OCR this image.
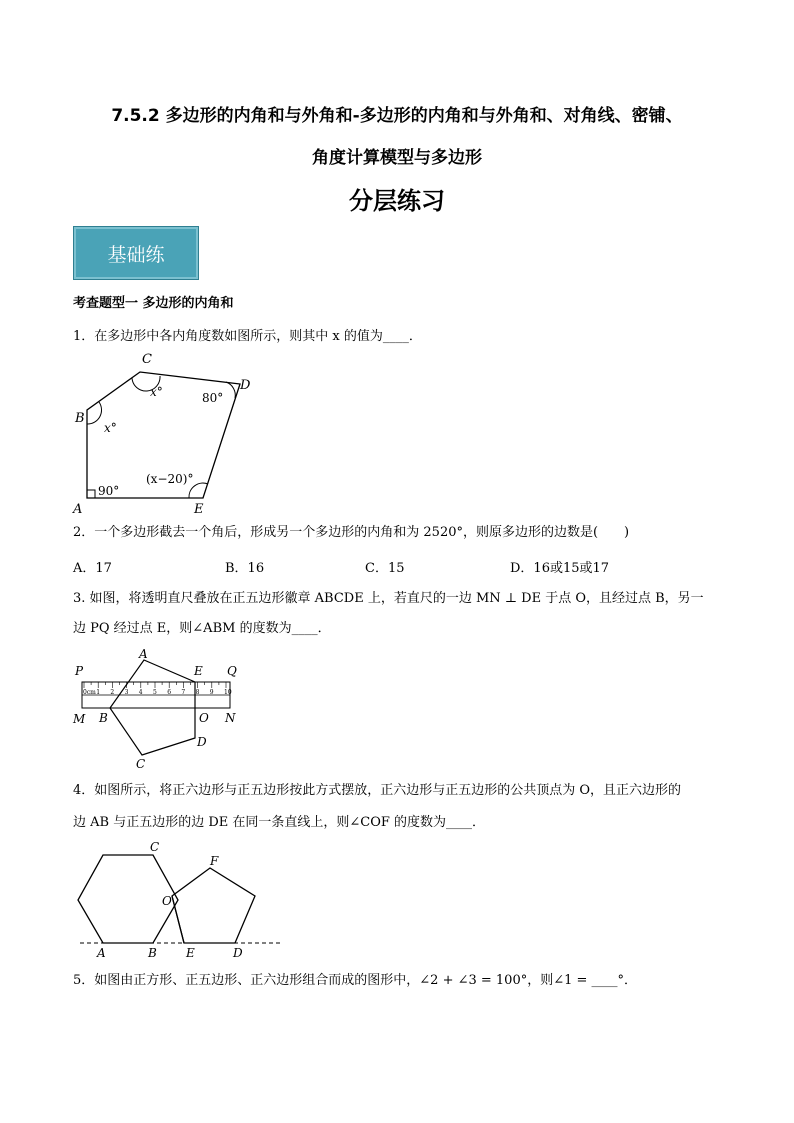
7.5.2 多边形的内角和与外角和-多边形的内角和与外角和、对角线、密铺、
角度计算模型与多边形
分层练习
基础练
考查题型一 多边形的内角和
1．在多边形中各内角度数如图所示，则其中 x 的值为____．
C
D
B
A	E
x°	80°
x°
90°
(x−20)°
2．一个多边形截去一个角后，形成另一个多边形的内角和为 2520°，则原多边形的边数是(　　)
A．17	B．16	C．15	D．16或15或17
3. 如图，将透明直尺叠放在正五边形徽章 ABCDE 上，若直尺的一边 MN ⊥ DE 于点 O，且经过点 B，另一
边 PQ 经过点 E，则∠ABM 的度数为____．
0cm 1 2 3 4 5 6 7 8 9 10
P
A
E Q
M B	O N
C
D
4．如图所示，将正六边形与正五边形按此方式摆放，正六边形与正五边形的公共顶点为 O，且正六边形的
边 AB 与正五边形的边 DE 在同一条直线上，则∠COF 的度数为____．
C
F
O
A	B E	D
5．如图由正方形、正五边形、正六边形组合而成的图形中，∠2 + ∠3 = 100°，则∠1 = ____°．
